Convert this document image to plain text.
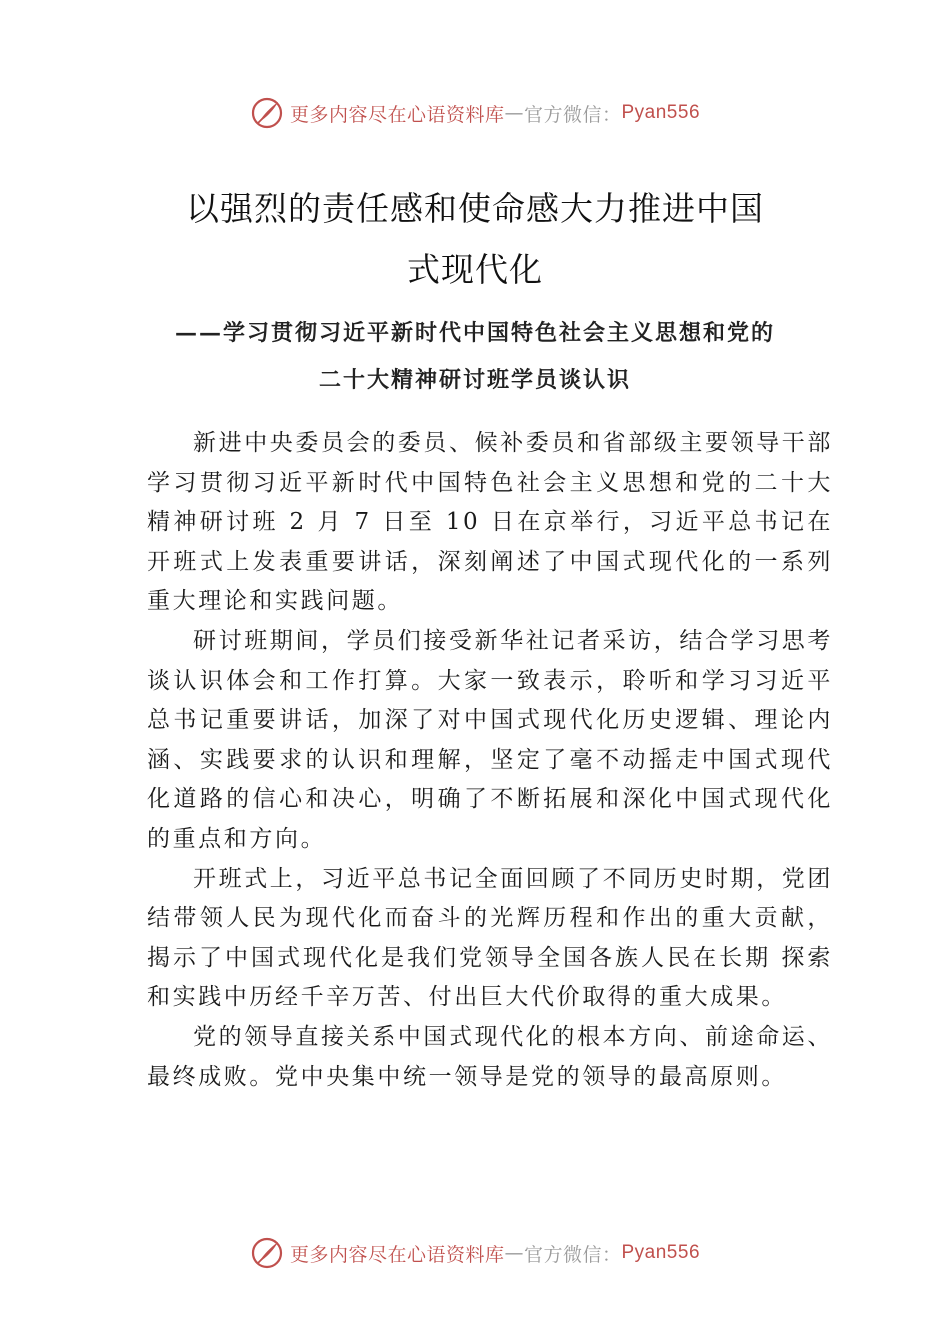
更多内容尽在心语资料库 — 官方微信： Pyan556
以强烈的责任感和使命感大力推进中国
式现代化
——学习贯彻习近平新时代中国特色社会主义思想和党的
二十大精神研讨班学员谈认识

新进中央委员会的委员、候补委员和省部级主要领导干部学习贯彻习近平新时代中国特色社会主义思想和党的二十大精神研讨班 2 月 7 日至 10 日在京举行，习近平总书记在开班式上发表重要讲话，深刻阐述了中国式现代化的一系列重大理论和实践问题。

研讨班期间，学员们接受新华社记者采访，结合学习思考谈认识体会和工作打算。大家一致表示，聆听和学习习近平总书记重要讲话，加深了对中国式现代化历史逻辑、理论内涵、实践要求的认识和理解，坚定了毫不动摇走中国式现代化道路的信心和决心，明确了不断拓展和深化中国式现代化的重点和方向。

开班式上，习近平总书记全面回顾了不同历史时期，党团结带领人民为现代化而奋斗的光辉历程和作出的重大贡献，揭示了中国式现代化是我们党领导全国各族人民在长期 探索和实践中历经千辛万苦、付出巨大代价取得的重大成果。

党的领导直接关系中国式现代化的根本方向、前途命运、最终成败。党中央集中统一领导是党的领导的最高原则。

更多内容尽在心语资料库 — 官方微信： Pyan556
